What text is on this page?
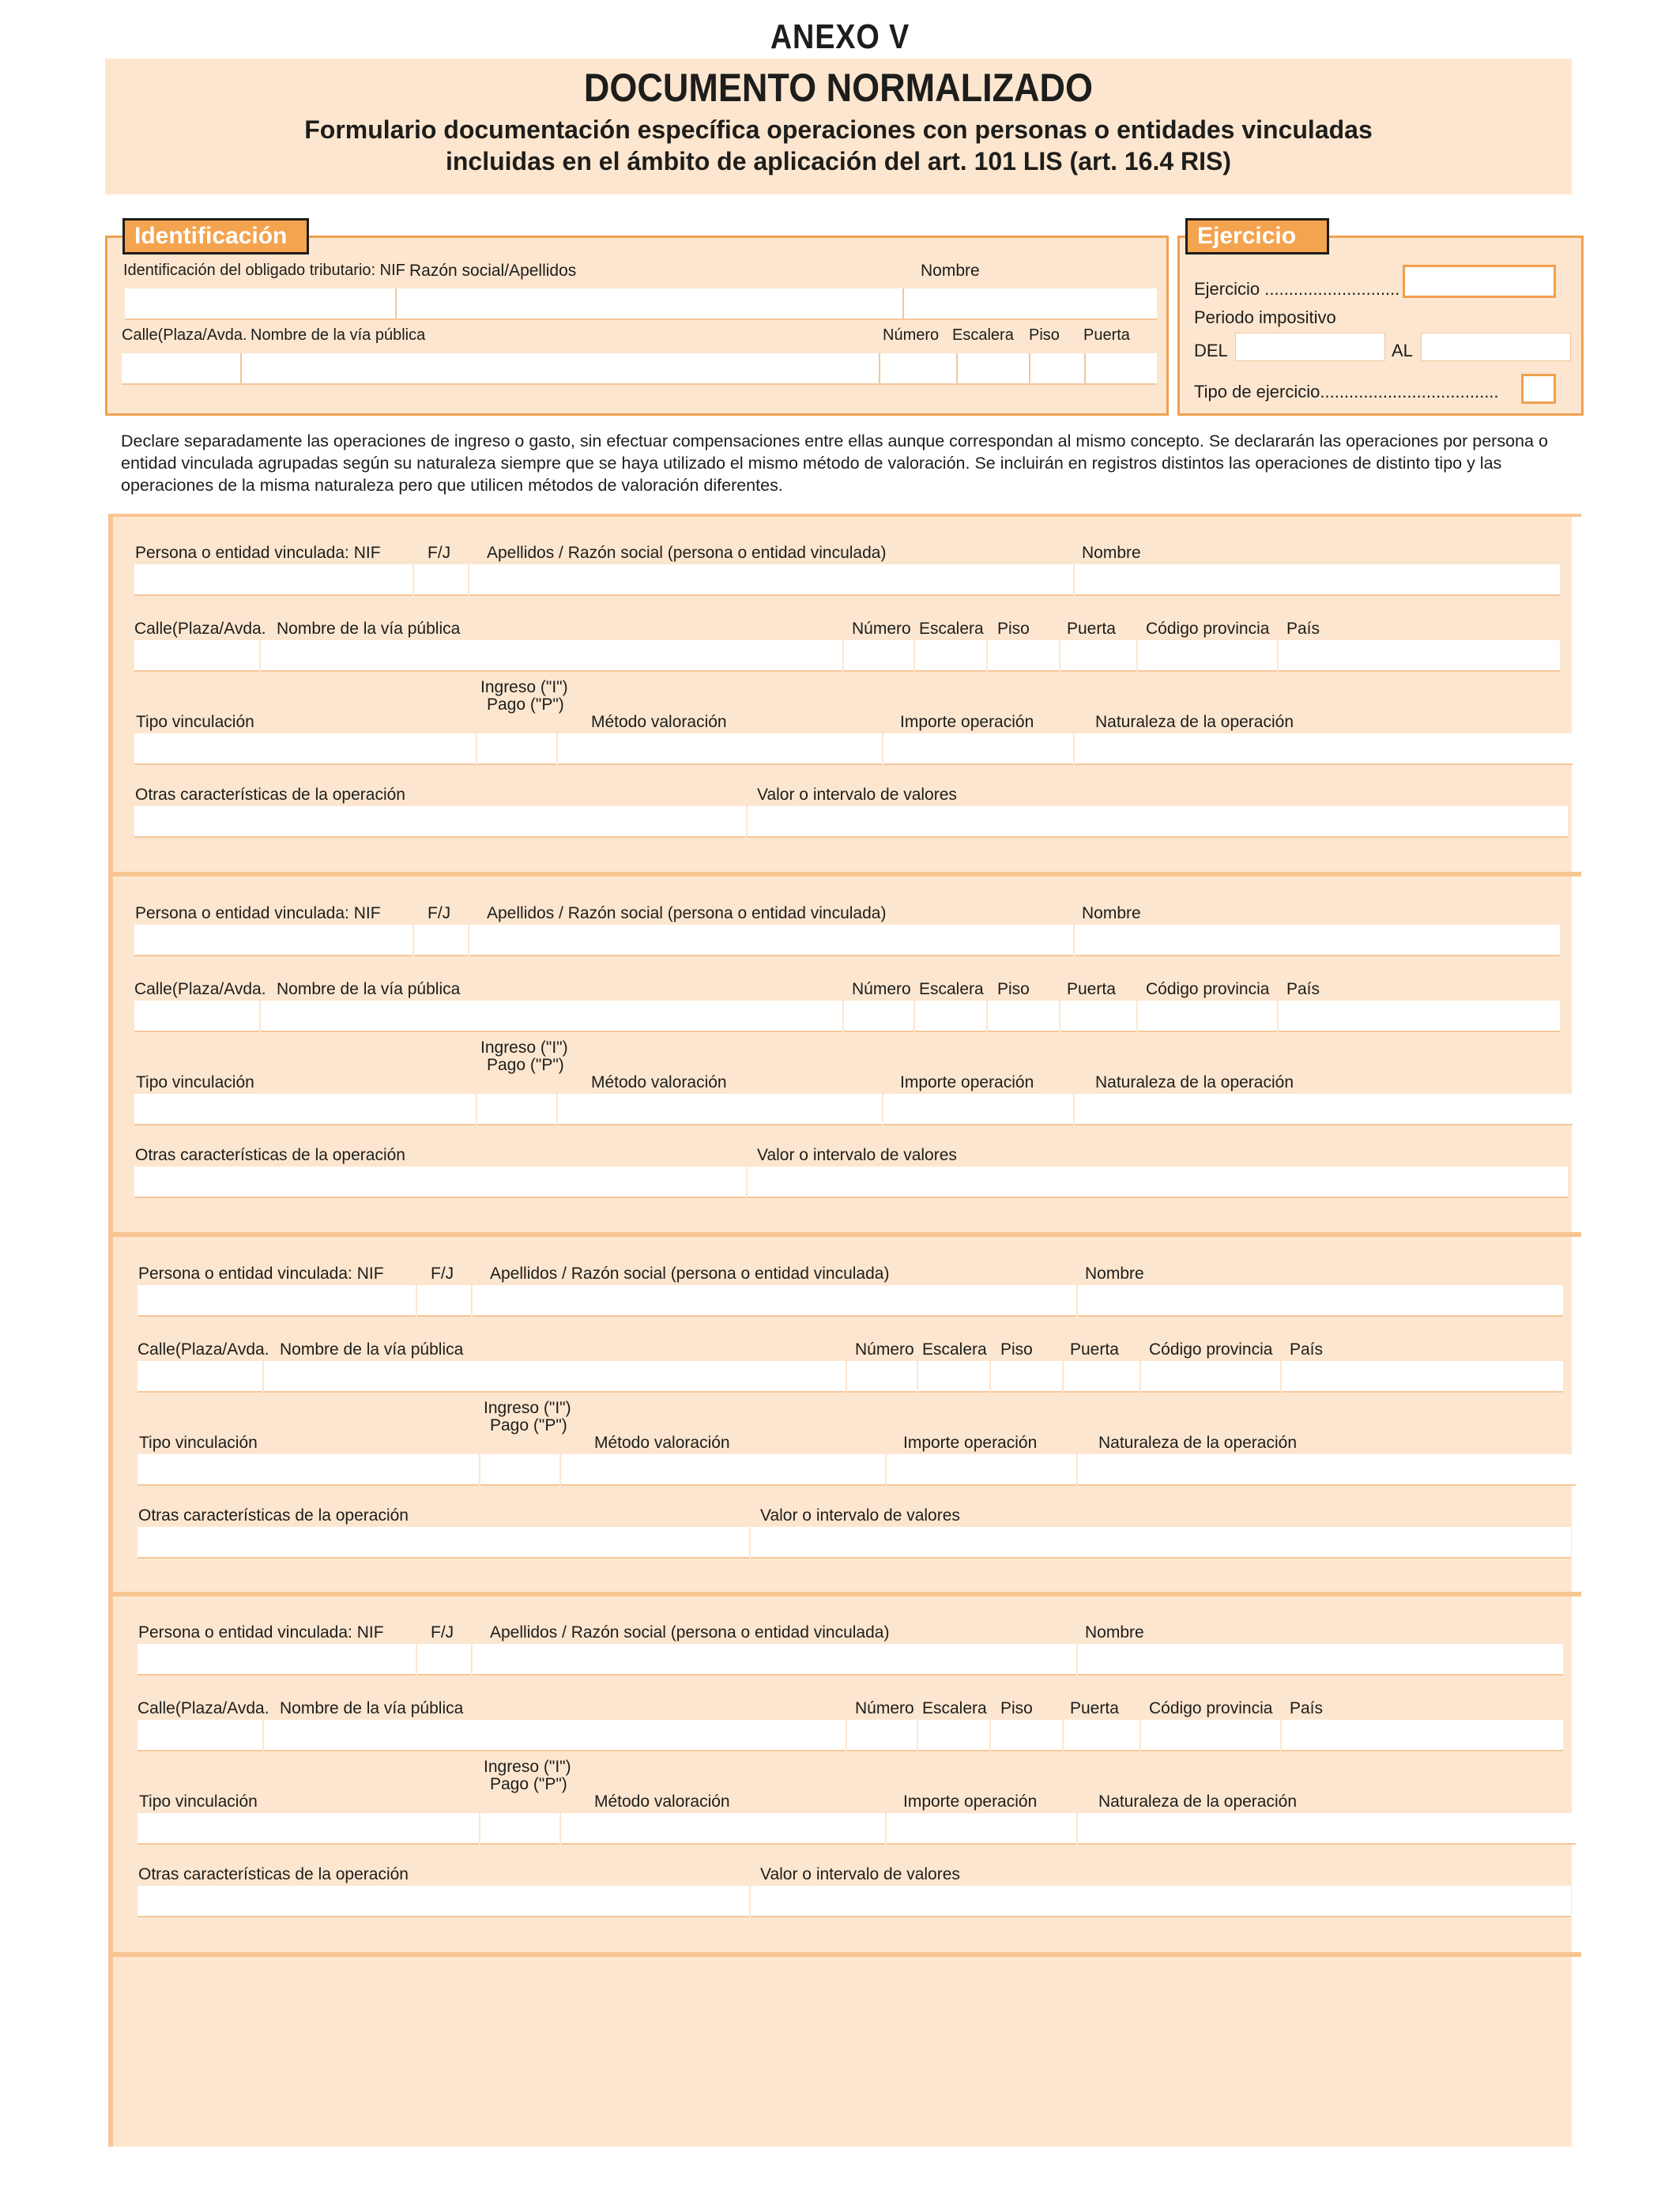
ANEXO V
DOCUMENTO NORMALIZADO
Formulario documentación específica operaciones con personas o entidades vinculadas
incluidas en el ámbito de aplicación del art. 101 LIS (art. 16.4 RIS)
Identificación del obligado tributario: NIF Razón social/Apellidos	Nombre
Calle(Plaza/Avda. Nombre de la vía pública	Número Escalera Piso Puerta
Identificación
Ejercicio ............................
Periodo impositivo
DEL	AL
Tipo de ejercicio.....................................
Ejercicio
Declare separadamente las operaciones de ingreso o gasto, sin efectuar compensaciones entre ellas aunque correspondan al mismo concepto. Se declararán las operaciones por persona o entidad vinculada agrupadas según su naturaleza siempre que se haya utilizado el mismo método de valoración. Se incluirán en registros distintos las operaciones de distinto tipo y las operaciones de la misma naturaleza pero que utilicen métodos de valoración diferentes.
Persona o entidad vinculada: NIF	F/J Apellidos / Razón social (persona o entidad vinculada)	Nombre
Calle(Plaza/Avda. Nombre de la vía pública	Número Escalera Piso Puerta Código provincia País
Ingreso ("I")
Pago ("P")
Tipo vinculación	Método valoración	Importe operación	Naturaleza de la operación
Otras características de la operación	Valor o intervalo de valores
Persona o entidad vinculada: NIF	F/J Apellidos / Razón social (persona o entidad vinculada)	Nombre
Calle(Plaza/Avda. Nombre de la vía pública	Número Escalera Piso Puerta Código provincia País
Ingreso ("I")
Pago ("P")
Tipo vinculación	Método valoración	Importe operación	Naturaleza de la operación
Otras características de la operación	Valor o intervalo de valores
Persona o entidad vinculada: NIF	F/J Apellidos / Razón social (persona o entidad vinculada)	Nombre
Calle(Plaza/Avda. Nombre de la vía pública	Número Escalera Piso Puerta Código provincia País
Ingreso ("I")
Pago ("P")
Tipo vinculación	Método valoración	Importe operación	Naturaleza de la operación
Otras características de la operación	Valor o intervalo de valores
Persona o entidad vinculada: NIF	F/J Apellidos / Razón social (persona o entidad vinculada)	Nombre
Calle(Plaza/Avda. Nombre de la vía pública	Número Escalera Piso Puerta Código provincia País
Ingreso ("I")
Pago ("P")
Tipo vinculación	Método valoración	Importe operación	Naturaleza de la operación
Otras características de la operación	Valor o intervalo de valores
